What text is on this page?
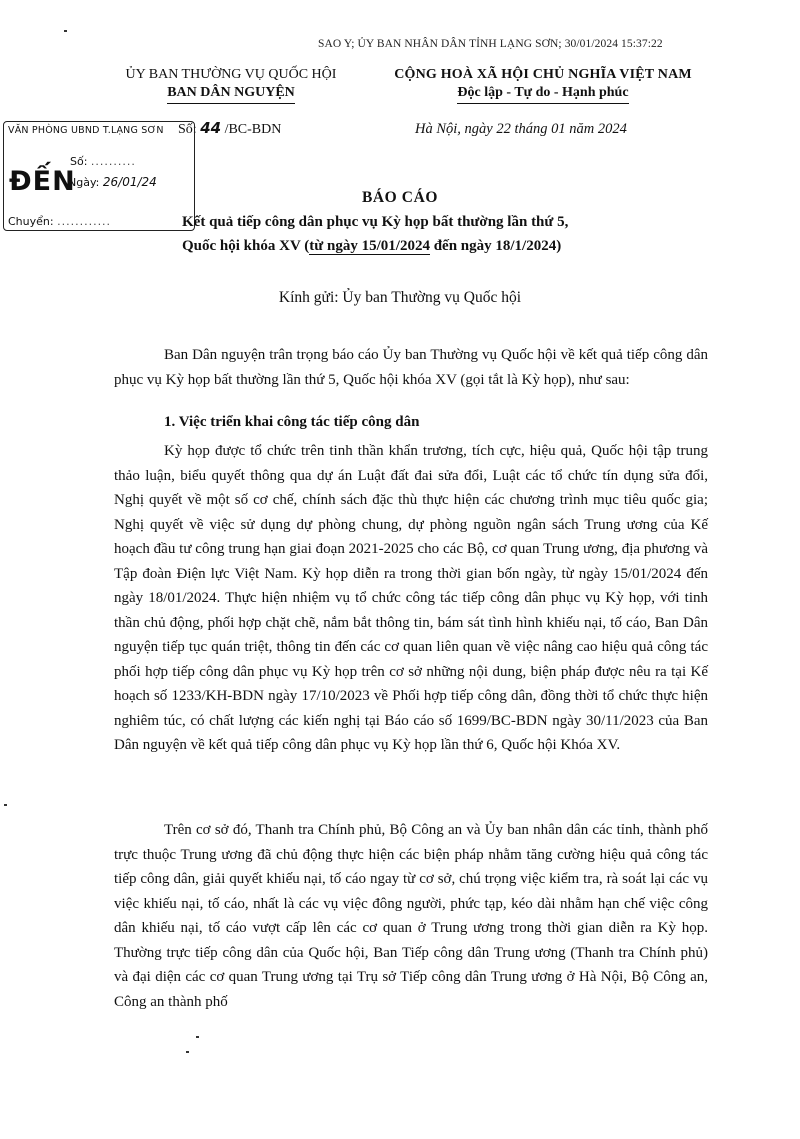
SAO Y; ỦY BAN NHÂN DÂN TỈNH LẠNG SƠN; 30/01/2024 15:37:22
ỦY BAN THƯỜNG VỤ QUỐC HỘI
BAN DÂN NGUYỆN
CỘNG HOÀ XÃ HỘI CHỦ NGHĨA VIỆT NAM
Độc lập - Tự do - Hạnh phúc
Số: 44 /BC-BDN	Hà Nội, ngày 22 tháng 01 năm 2024
VĂN PHÒNG UBND T.LẠNG SƠN
ĐẾN
Số: ..........
Ngày: 26/01/24
Chuyển: ............
BÁO CÁO
Kết quả tiếp công dân phục vụ Kỳ họp bất thường lần thứ 5,
Quốc hội khóa XV (từ ngày 15/01/2024 đến ngày 18/1/2024)
Kính gửi: Ủy ban Thường vụ Quốc hội
Ban Dân nguyện trân trọng báo cáo Ủy ban Thường vụ Quốc hội về kết quả tiếp công dân phục vụ Kỳ họp bất thường lần thứ 5, Quốc hội khóa XV (gọi tắt là Kỳ họp), như sau:
1. Việc triển khai công tác tiếp công dân
Kỳ họp được tổ chức trên tinh thần khẩn trương, tích cực, hiệu quả, Quốc hội tập trung thảo luận, biểu quyết thông qua dự án Luật đất đai sửa đổi, Luật các tổ chức tín dụng sửa đổi, Nghị quyết về một số cơ chế, chính sách đặc thù thực hiện các chương trình mục tiêu quốc gia; Nghị quyết về việc sử dụng dự phòng chung, dự phòng nguồn ngân sách Trung ương của Kế hoạch đầu tư công trung hạn giai đoạn 2021-2025 cho các Bộ, cơ quan Trung ương, địa phương và Tập đoàn Điện lực Việt Nam. Kỳ họp diễn ra trong thời gian bốn ngày, từ ngày 15/01/2024 đến ngày 18/01/2024. Thực hiện nhiệm vụ tổ chức công tác tiếp công dân phục vụ Kỳ họp, với tinh thần chủ động, phối hợp chặt chẽ, nắm bắt thông tin, bám sát tình hình khiếu nại, tố cáo, Ban Dân nguyện tiếp tục quán triệt, thông tin đến các cơ quan liên quan về việc nâng cao hiệu quả công tác phối hợp tiếp công dân phục vụ Kỳ họp trên cơ sở những nội dung, biện pháp được nêu ra tại Kế hoạch số 1233/KH-BDN ngày 17/10/2023 về Phối hợp tiếp công dân, đồng thời tổ chức thực hiện nghiêm túc, có chất lượng các kiến nghị tại Báo cáo số 1699/BC-BDN ngày 30/11/2023 của Ban Dân nguyện về kết quả tiếp công dân phục vụ Kỳ họp lần thứ 6, Quốc hội Khóa XV.
Trên cơ sở đó, Thanh tra Chính phủ, Bộ Công an và Ủy ban nhân dân các tỉnh, thành phố trực thuộc Trung ương đã chủ động thực hiện các biện pháp nhằm tăng cường hiệu quả công tác tiếp công dân, giải quyết khiếu nại, tố cáo ngay từ cơ sở, chú trọng việc kiểm tra, rà soát lại các vụ việc khiếu nại, tố cáo, nhất là các vụ việc đông người, phức tạp, kéo dài nhằm hạn chế việc công dân khiếu nại, tố cáo vượt cấp lên các cơ quan ở Trung ương trong thời gian diễn ra Kỳ họp. Thường trực tiếp công dân của Quốc hội, Ban Tiếp công dân Trung ương (Thanh tra Chính phủ) và đại diện các cơ quan Trung ương tại Trụ sở Tiếp công dân Trung ương ở Hà Nội, Bộ Công an, Công an thành phố
